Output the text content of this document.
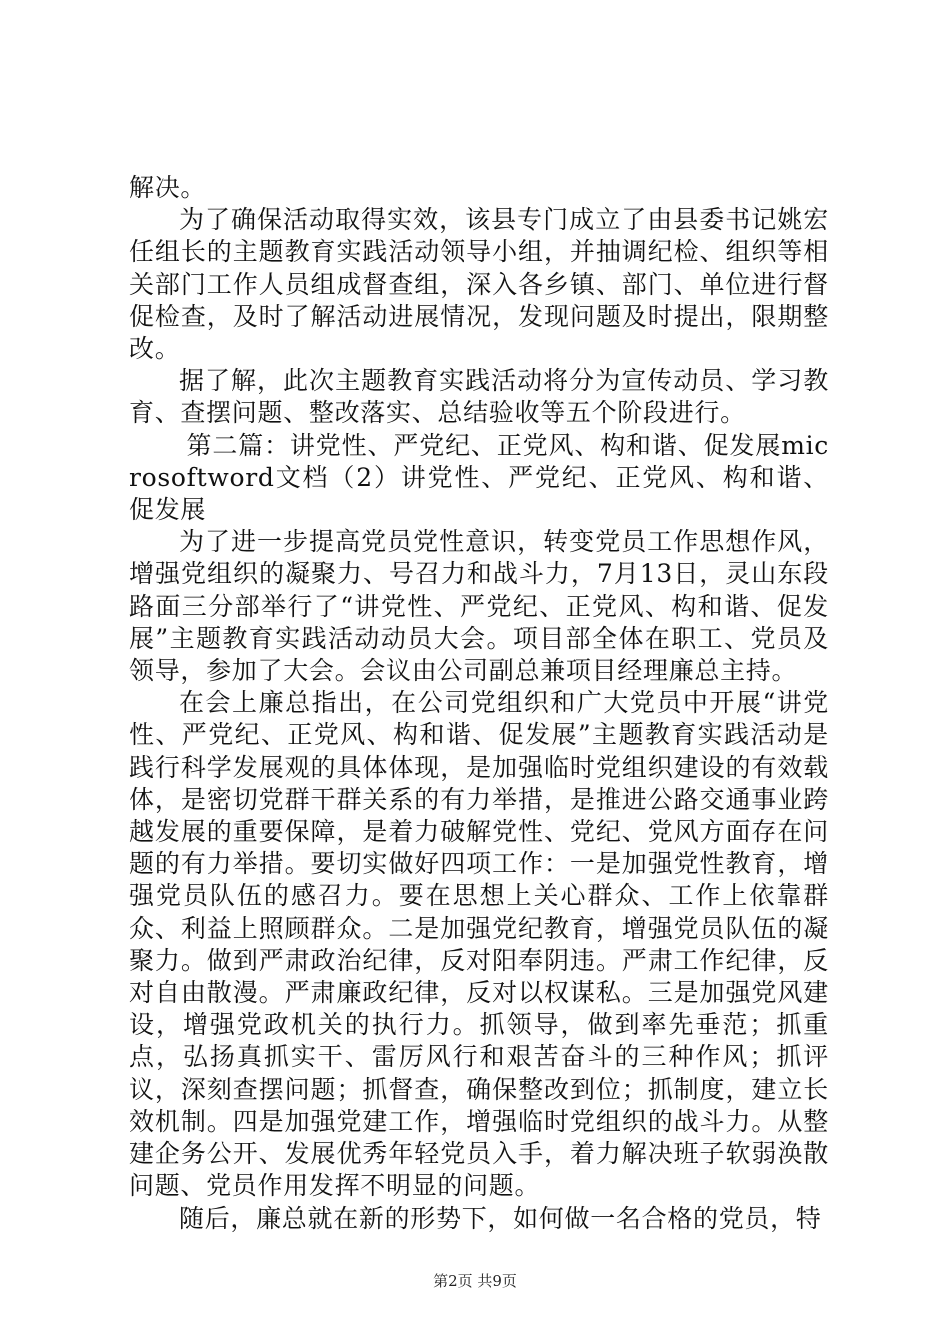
解决。

为了确保活动取得实效，该县专门成立了由县委书记姚宏任组长的主题教育实践活动领导小组，并抽调纪检、组织等相关部门工作人员组成督查组，深入各乡镇、部门、单位进行督促检查，及时了解活动进展情况，发现问题及时提出，限期整改。

据了解，此次主题教育实践活动将分为宣传动员、学习教育、查摆问题、整改落实、总结验收等五个阶段进行。

第二篇：讲党性、严党纪、正党风、构和谐、促发展microsoftword文档（2）讲党性、严党纪、正党风、构和谐、促发展

为了进一步提高党员党性意识，转变党员工作思想作风，增强党组织的凝聚力、号召力和战斗力，7月13日，灵山东段路面三分部举行了“讲党性、严党纪、正党风、构和谐、促发展”主题教育实践活动动员大会。项目部全体在职工、党员及领导，参加了大会。会议由公司副总兼项目经理廉总主持。

在会上廉总指出，在公司党组织和广大党员中开展“讲党性、严党纪、正党风、构和谐、促发展”主题教育实践活动是践行科学发展观的具体体现，是加强临时党组织建设的有效载体，是密切党群干群关系的有力举措，是推进公路交通事业跨越发展的重要保障，是着力破解党性、党纪、党风方面存在问题的有力举措。要切实做好四项工作：一是加强党性教育，增强党员队伍的感召力。要在思想上关心群众、工作上依靠群众、利益上照顾群众。二是加强党纪教育，增强党员队伍的凝聚力。做到严肃政治纪律，反对阳奉阴违。严肃工作纪律，反对自由散漫。严肃廉政纪律，反对以权谋私。三是加强党风建设，增强党政机关的执行力。抓领导，做到率先垂范；抓重点，弘扬真抓实干、雷厉风行和艰苦奋斗的三种作风；抓评议，深刻查摆问题；抓督查，确保整改到位；抓制度，建立长效机制。四是加强党建工作，增强临时党组织的战斗力。从整建企务公开、发展优秀年轻党员入手，着力解决班子软弱涣散问题、党员作用发挥不明显的问题。

随后，廉总就在新的形势下，如何做一名合格的党员，特

第2页 共9页
